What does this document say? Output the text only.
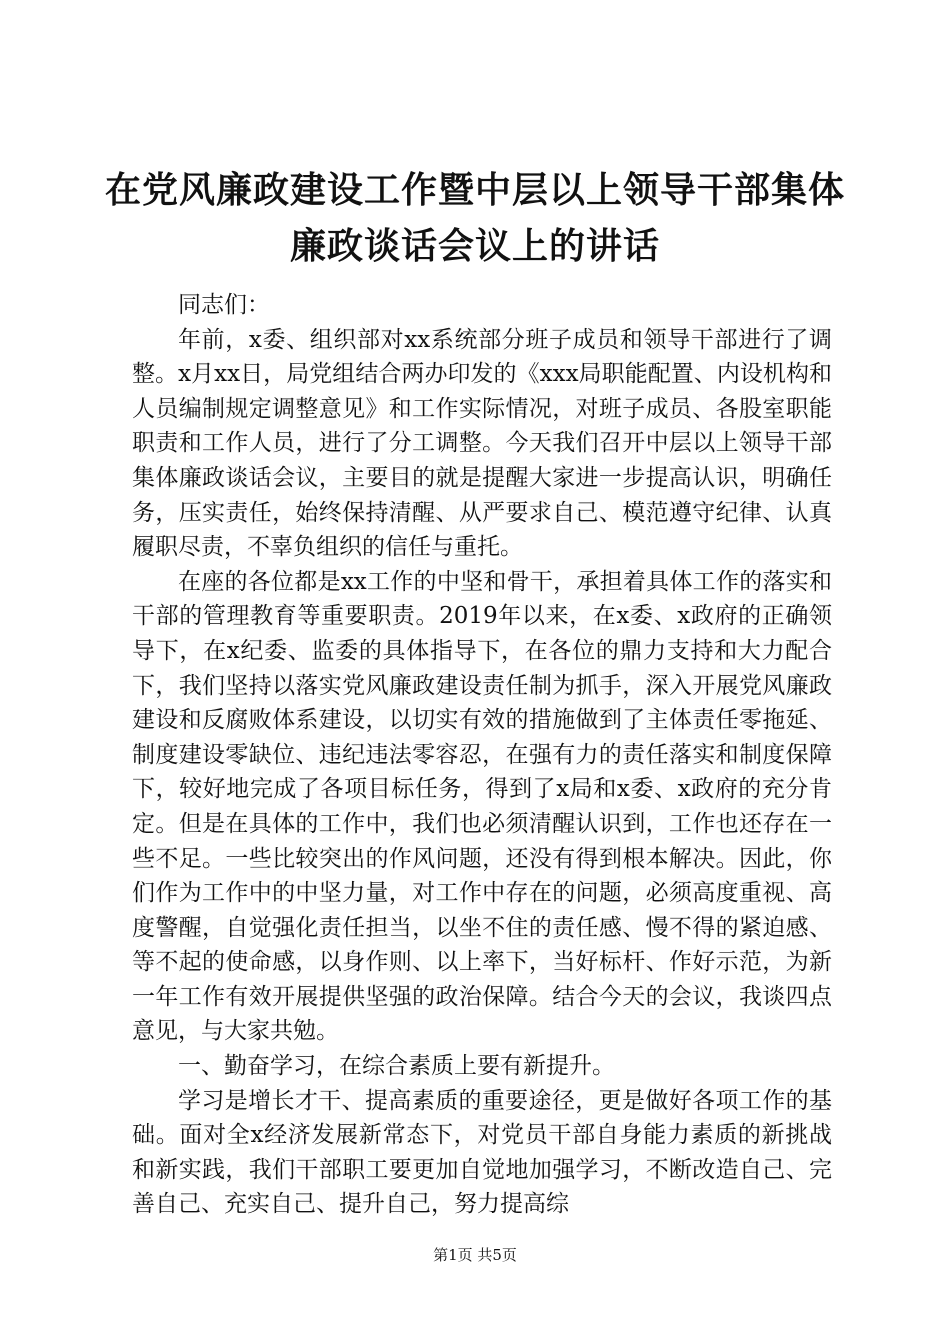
在党风廉政建设工作暨中层以上领导干部集体
廉政谈话会议上的讲话

同志们：

年前，x委、组织部对xx系统部分班子成员和领导干部进行了调整。x月xx日，局党组结合两办印发的《xxx局职能配置、内设机构和人员编制规定调整意见》和工作实际情况，对班子成员、各股室职能职责和工作人员，进行了分工调整。今天我们召开中层以上领导干部集体廉政谈话会议，主要目的就是提醒大家进一步提高认识，明确任务，压实责任，始终保持清醒、从严要求自己、模范遵守纪律、认真履职尽责，不辜负组织的信任与重托。

在座的各位都是xx工作的中坚和骨干，承担着具体工作的落实和干部的管理教育等重要职责。2019年以来，在x委、x政府的正确领导下，在x纪委、监委的具体指导下，在各位的鼎力支持和大力配合下，我们坚持以落实党风廉政建设责任制为抓手，深入开展党风廉政建设和反腐败体系建设，以切实有效的措施做到了主体责任零拖延、制度建设零缺位、违纪违法零容忍，在强有力的责任落实和制度保障下，较好地完成了各项目标任务，得到了x局和x委、x政府的充分肯定。但是在具体的工作中，我们也必须清醒认识到，工作也还存在一些不足。一些比较突出的作风问题，还没有得到根本解决。因此，你们作为工作中的中坚力量，对工作中存在的问题，必须高度重视、高度警醒，自觉强化责任担当，以坐不住的责任感、慢不得的紧迫感、等不起的使命感，以身作则、以上率下，当好标杆、作好示范，为新一年工作有效开展提供坚强的政治保障。结合今天的会议，我谈四点意见，与大家共勉。

一、勤奋学习，在综合素质上要有新提升。

学习是增长才干、提高素质的重要途径，更是做好各项工作的基础。面对全x经济发展新常态下，对党员干部自身能力素质的新挑战和新实践，我们干部职工要更加自觉地加强学习，不断改造自己、完善自己、充实自己、提升自己，努力提高综

第1页 共5页
